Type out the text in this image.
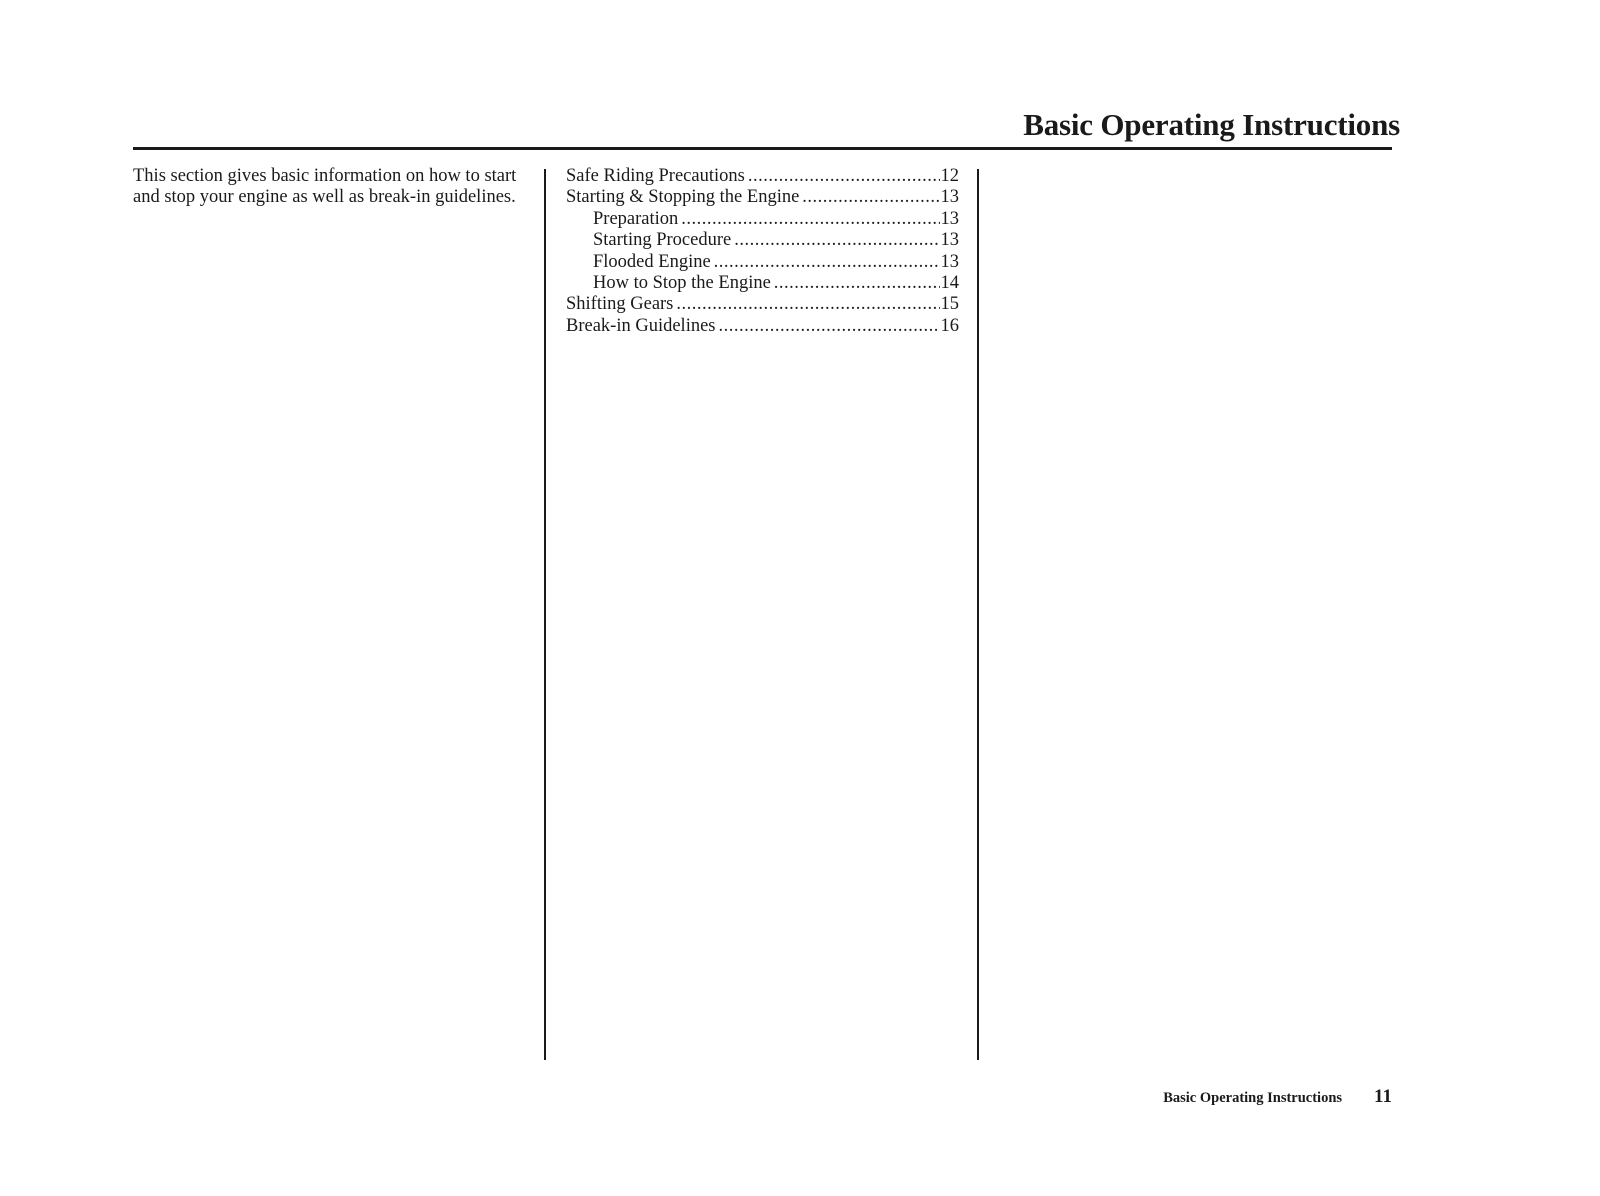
Basic Operating Instructions
This section gives basic information on how to start and stop your engine as well as break-in guidelines.
Safe Riding Precautions .....	12
Starting & Stopping the Engine .....	13
Preparation .....	13
Starting Procedure .....	13
Flooded Engine .....	13
How to Stop the Engine .....	14
Shifting Gears .....	15
Break-in Guidelines .....	16
Basic Operating Instructions 11
